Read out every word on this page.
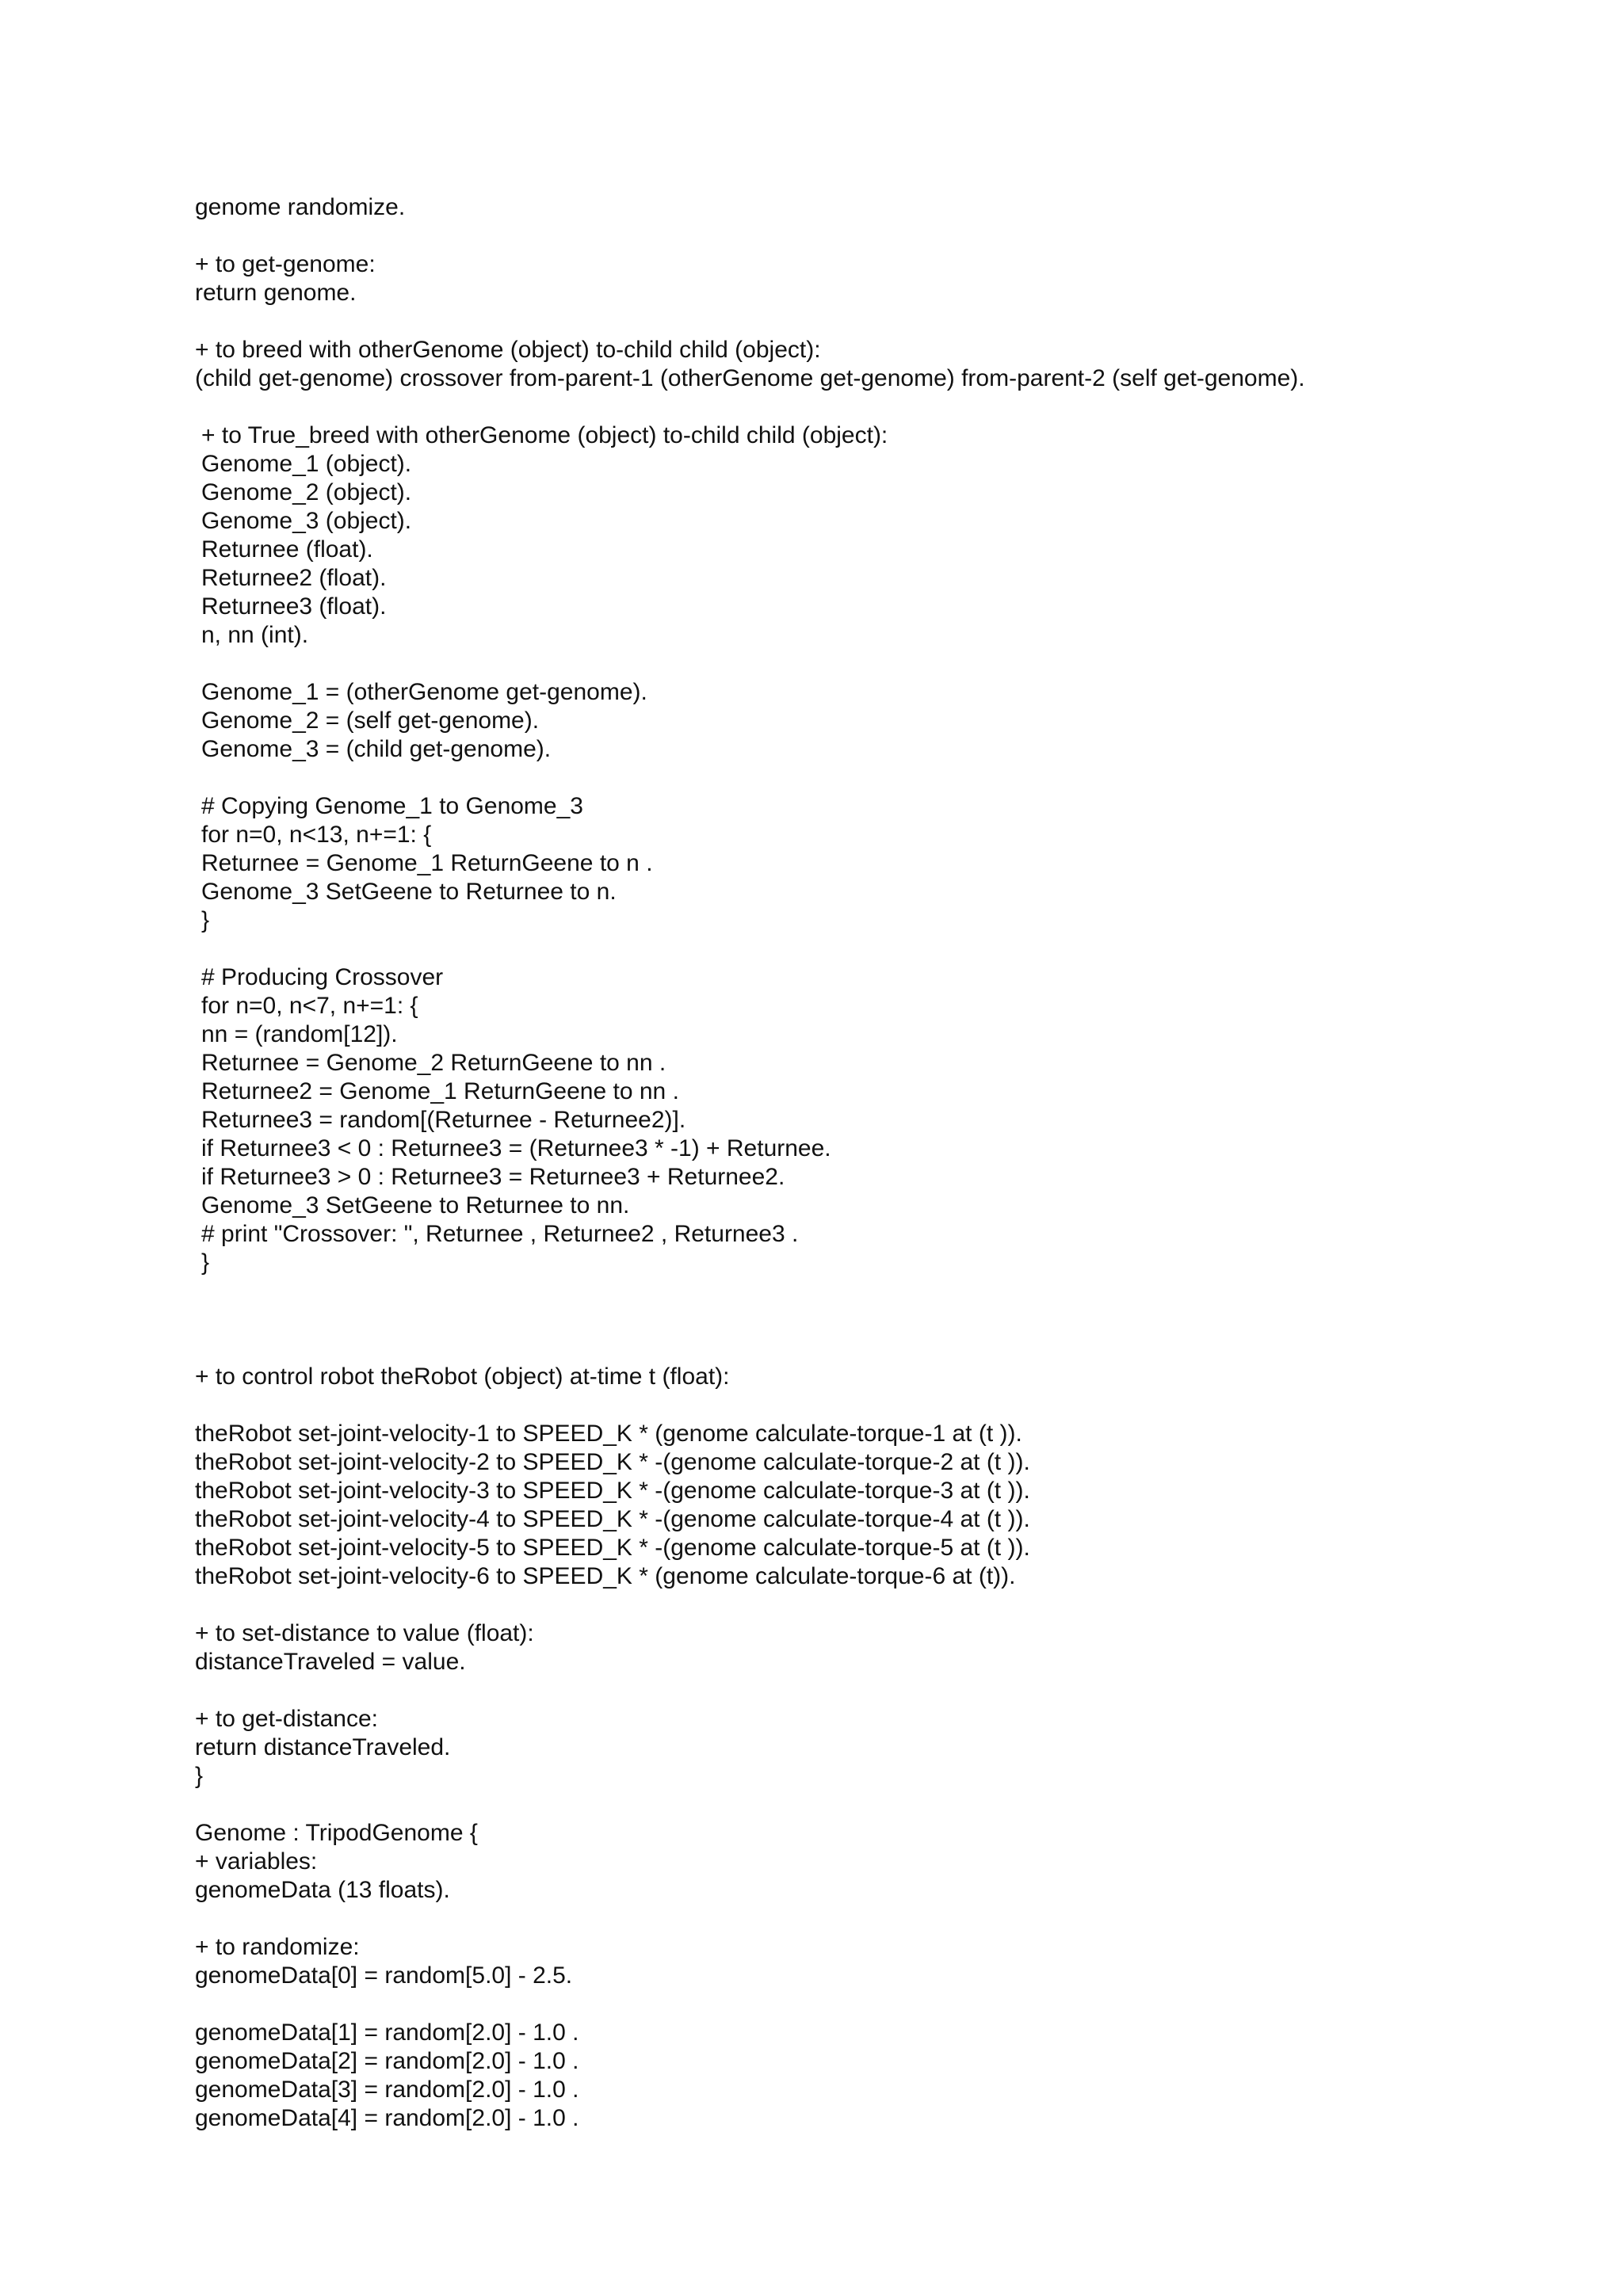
genome randomize.
+ to get-genome:
return genome.
+ to breed with otherGenome (object) to-child child (object):
(child get-genome) crossover from-parent-1 (otherGenome get-genome) from-parent-2 (self get-genome).
+ to True_breed with otherGenome (object) to-child child (object):
Genome_1 (object).
Genome_2 (object).
Genome_3 (object).
Returnee (float).
Returnee2 (float).
Returnee3 (float).
n, nn (int).
Genome_1 = (otherGenome get-genome).
Genome_2 = (self get-genome).
Genome_3 = (child get-genome).
# Copying Genome_1 to Genome_3
for n=0, n<13, n+=1: {
Returnee = Genome_1 ReturnGeene to n .
Genome_3 SetGeene to Returnee to n.
}
# Producing Crossover
for n=0, n<7, n+=1: {
nn = (random[12]).
Returnee = Genome_2 ReturnGeene to nn .
Returnee2 = Genome_1 ReturnGeene to nn .
Returnee3 = random[(Returnee - Returnee2)].
if Returnee3 < 0 : Returnee3 = (Returnee3 * -1) + Returnee.
if Returnee3 > 0 : Returnee3 = Returnee3 + Returnee2.
Genome_3 SetGeene to Returnee to nn.
# print "Crossover: ", Returnee , Returnee2 , Returnee3 .
}
+ to control robot theRobot (object) at-time t (float):
theRobot set-joint-velocity-1 to SPEED_K * (genome calculate-torque-1 at (t )).
theRobot set-joint-velocity-2 to SPEED_K * -(genome calculate-torque-2 at (t )).
theRobot set-joint-velocity-3 to SPEED_K * -(genome calculate-torque-3 at (t )).
theRobot set-joint-velocity-4 to SPEED_K * -(genome calculate-torque-4 at (t )).
theRobot set-joint-velocity-5 to SPEED_K * -(genome calculate-torque-5 at (t )).
theRobot set-joint-velocity-6 to SPEED_K * (genome calculate-torque-6 at (t)).
+ to set-distance to value (float):
distanceTraveled = value.
+ to get-distance:
return distanceTraveled.
}
Genome : TripodGenome {
+ variables:
genomeData (13 floats).
+ to randomize:
genomeData[0] = random[5.0] - 2.5.
genomeData[1] = random[2.0] - 1.0 .
genomeData[2] = random[2.0] - 1.0 .
genomeData[3] = random[2.0] - 1.0 .
genomeData[4] = random[2.0] - 1.0 .
